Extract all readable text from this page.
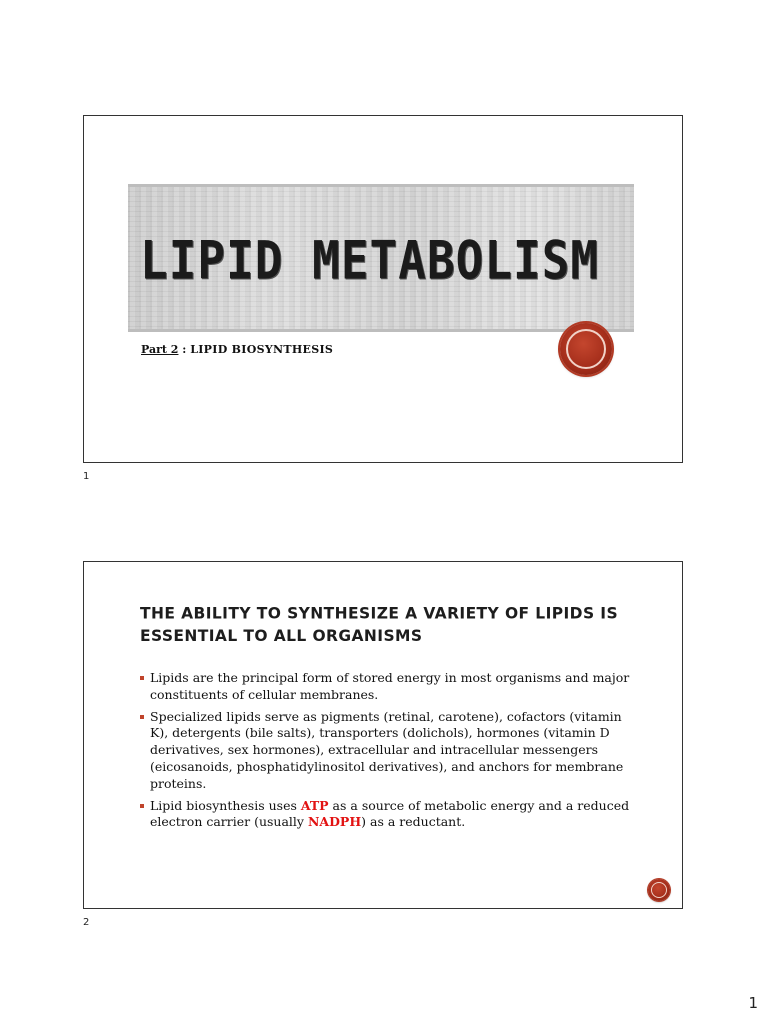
LIPID METABOLISM
Part 2 : LIPID BIOSYNTHESIS
1
THE ABILITY TO SYNTHESIZE A VARIETY OF LIPIDS IS ESSENTIAL TO ALL ORGANISMS
Lipids are the principal form of stored energy in most organisms and major constituents of cellular membranes.
Specialized lipids serve as pigments (retinal, carotene), cofactors (vitamin K), detergents (bile salts), transporters (dolichols), hormones (vitamin D derivatives, sex hormones), extracellular and intracellular messengers (eicosanoids, phosphatidylinositol derivatives), and anchors for membrane proteins.
Lipid biosynthesis uses ATP as a source of metabolic energy and a reduced electron carrier (usually NADPH) as a reductant.
2
1
